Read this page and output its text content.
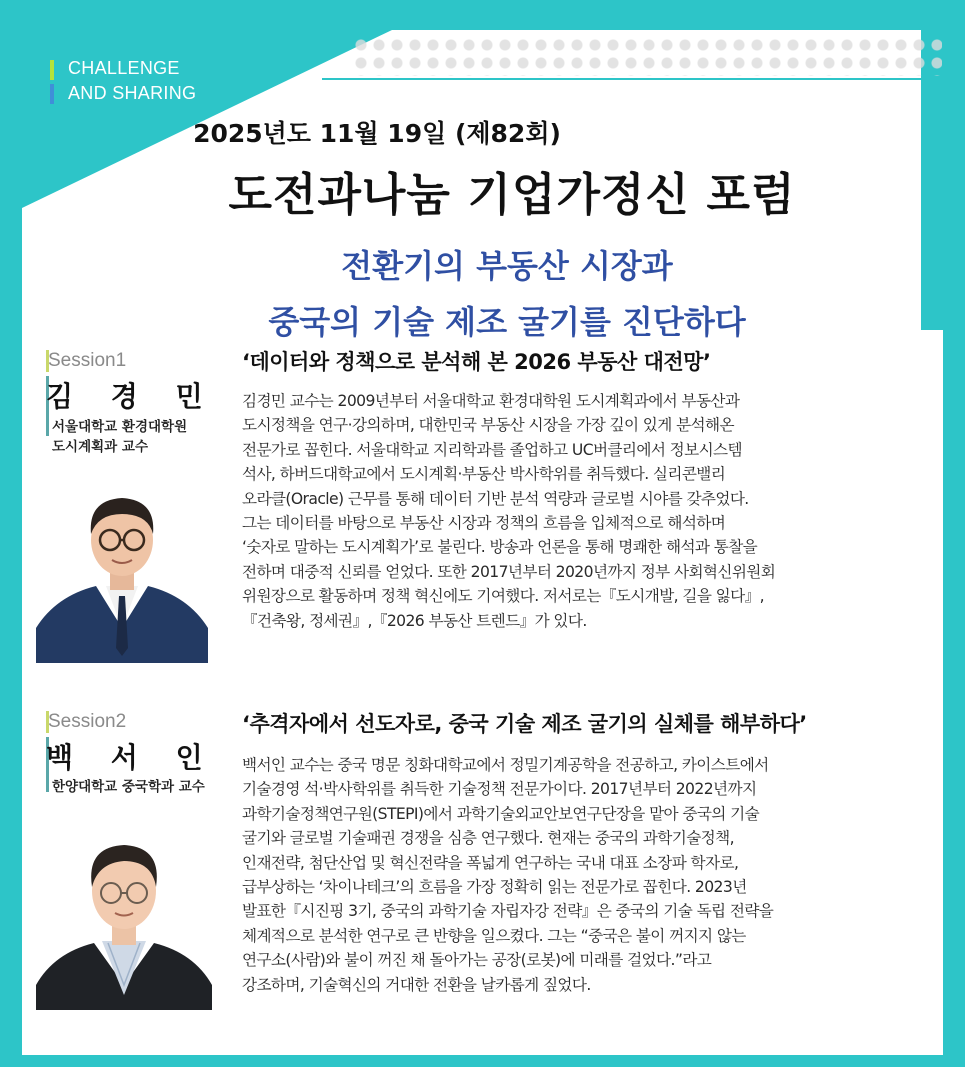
CHALLENGE
AND SHARING
2025년도 11월 19일 (제82회)
도전과나눔 기업가정신 포럼
전환기의 부동산 시장과
중국의 기술 제조 굴기를 진단하다
Session1
김 경 민
서울대학교 환경대학원
도시계획과 교수
‘데이터와 정책으로 분석해 본 2026 부동산 대전망’
김경민 교수는 2009년부터 서울대학교 환경대학원 도시계획과에서 부동산과
도시정책을 연구·강의하며, 대한민국 부동산 시장을 가장 깊이 있게 분석해온
전문가로 꼽힌다. 서울대학교 지리학과를 졸업하고 UC버클리에서 정보시스템
석사, 하버드대학교에서 도시계획·부동산 박사학위를 취득했다. 실리콘밸리
오라클(Oracle) 근무를 통해 데이터 기반 분석 역량과 글로벌 시야를 갖추었다.
그는 데이터를 바탕으로 부동산 시장과 정책의 흐름을 입체적으로 해석하며
‘숫자로 말하는 도시계획가’로 불린다. 방송과 언론을 통해 명쾌한 해석과 통찰을
전하며 대중적 신뢰를 얻었다. 또한 2017년부터 2020년까지 정부 사회혁신위원회
위원장으로 활동하며 정책 혁신에도 기여했다. 저서로는『도시개발, 길을 잃다』,
『건축왕, 정세권』,『2026 부동산 트렌드』가 있다.
Session2
백 서 인
한양대학교 중국학과 교수
‘추격자에서 선도자로, 중국 기술 제조 굴기의 실체를 해부하다’
백서인 교수는 중국 명문 칭화대학교에서 정밀기계공학을 전공하고, 카이스트에서
기술경영 석·박사학위를 취득한 기술정책 전문가이다. 2017년부터 2022년까지
과학기술정책연구원(STEPI)에서 과학기술외교안보연구단장을 맡아 중국의 기술
굴기와 글로벌 기술패권 경쟁을 심층 연구했다. 현재는 중국의 과학기술정책,
인재전략, 첨단산업 및 혁신전략을 폭넓게 연구하는 국내 대표 소장파 학자로,
급부상하는 ‘차이나테크’의 흐름을 가장 정확히 읽는 전문가로 꼽힌다. 2023년
발표한『시진핑 3기, 중국의 과학기술 자립자강 전략』은 중국의 기술 독립 전략을
체계적으로 분석한 연구로 큰 반향을 일으켰다. 그는 “중국은 불이 꺼지지 않는
연구소(사람)와 불이 꺼진 채 돌아가는 공장(로봇)에 미래를 걸었다.”라고
강조하며, 기술혁신의 거대한 전환을 날카롭게 짚었다.
